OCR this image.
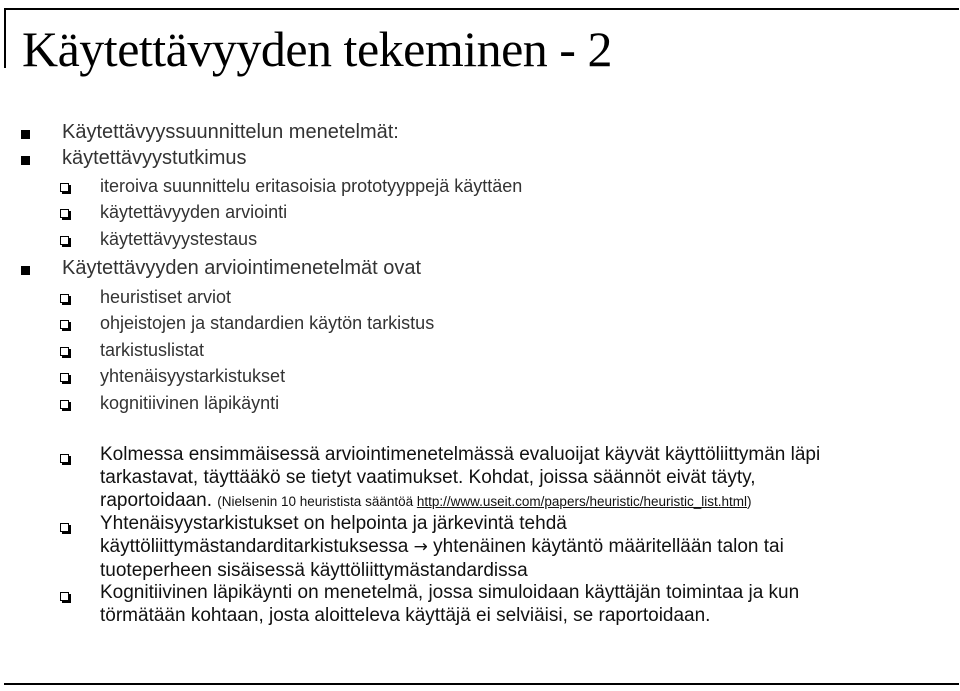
Käytettävyyden tekeminen - 2
Käytettävyyssuunnittelun menetelmät:
käytettävyystutkimus
iteroiva suunnittelu eritasoisia prototyyppejä käyttäen
käytettävyyden arviointi
käytettävyystestaus
Käytettävyyden arviointimenetelmät ovat
heuristiset arviot
ohjeistojen ja standardien käytön tarkistus
tarkistuslistat
yhtenäisyystarkistukset
kognitiivinen läpikäynti
Kolmessa ensimmäisessä arviointimenetelmässä evaluoijat käyvät käyttöliittymän läpi
tarkastavat, täyttääkö se tietyt vaatimukset. Kohdat, joissa säännöt eivät täyty,
raportoidaan. (Nielsenin 10 heuristista sääntöä http://www.useit.com/papers/heuristic/heuristic_list.html)
Yhtenäisyystarkistukset on helpointa ja järkevintä tehdä
käyttöliittymästandarditarkistuksessa → yhtenäinen käytäntö määritellään talon tai
tuoteperheen sisäisessä käyttöliittymästandardissa
Kognitiivinen läpikäynti on menetelmä, jossa simuloidaan käyttäjän toimintaa ja kun
törmätään kohtaan, josta aloitteleva käyttäjä ei selviäisi, se raportoidaan.
